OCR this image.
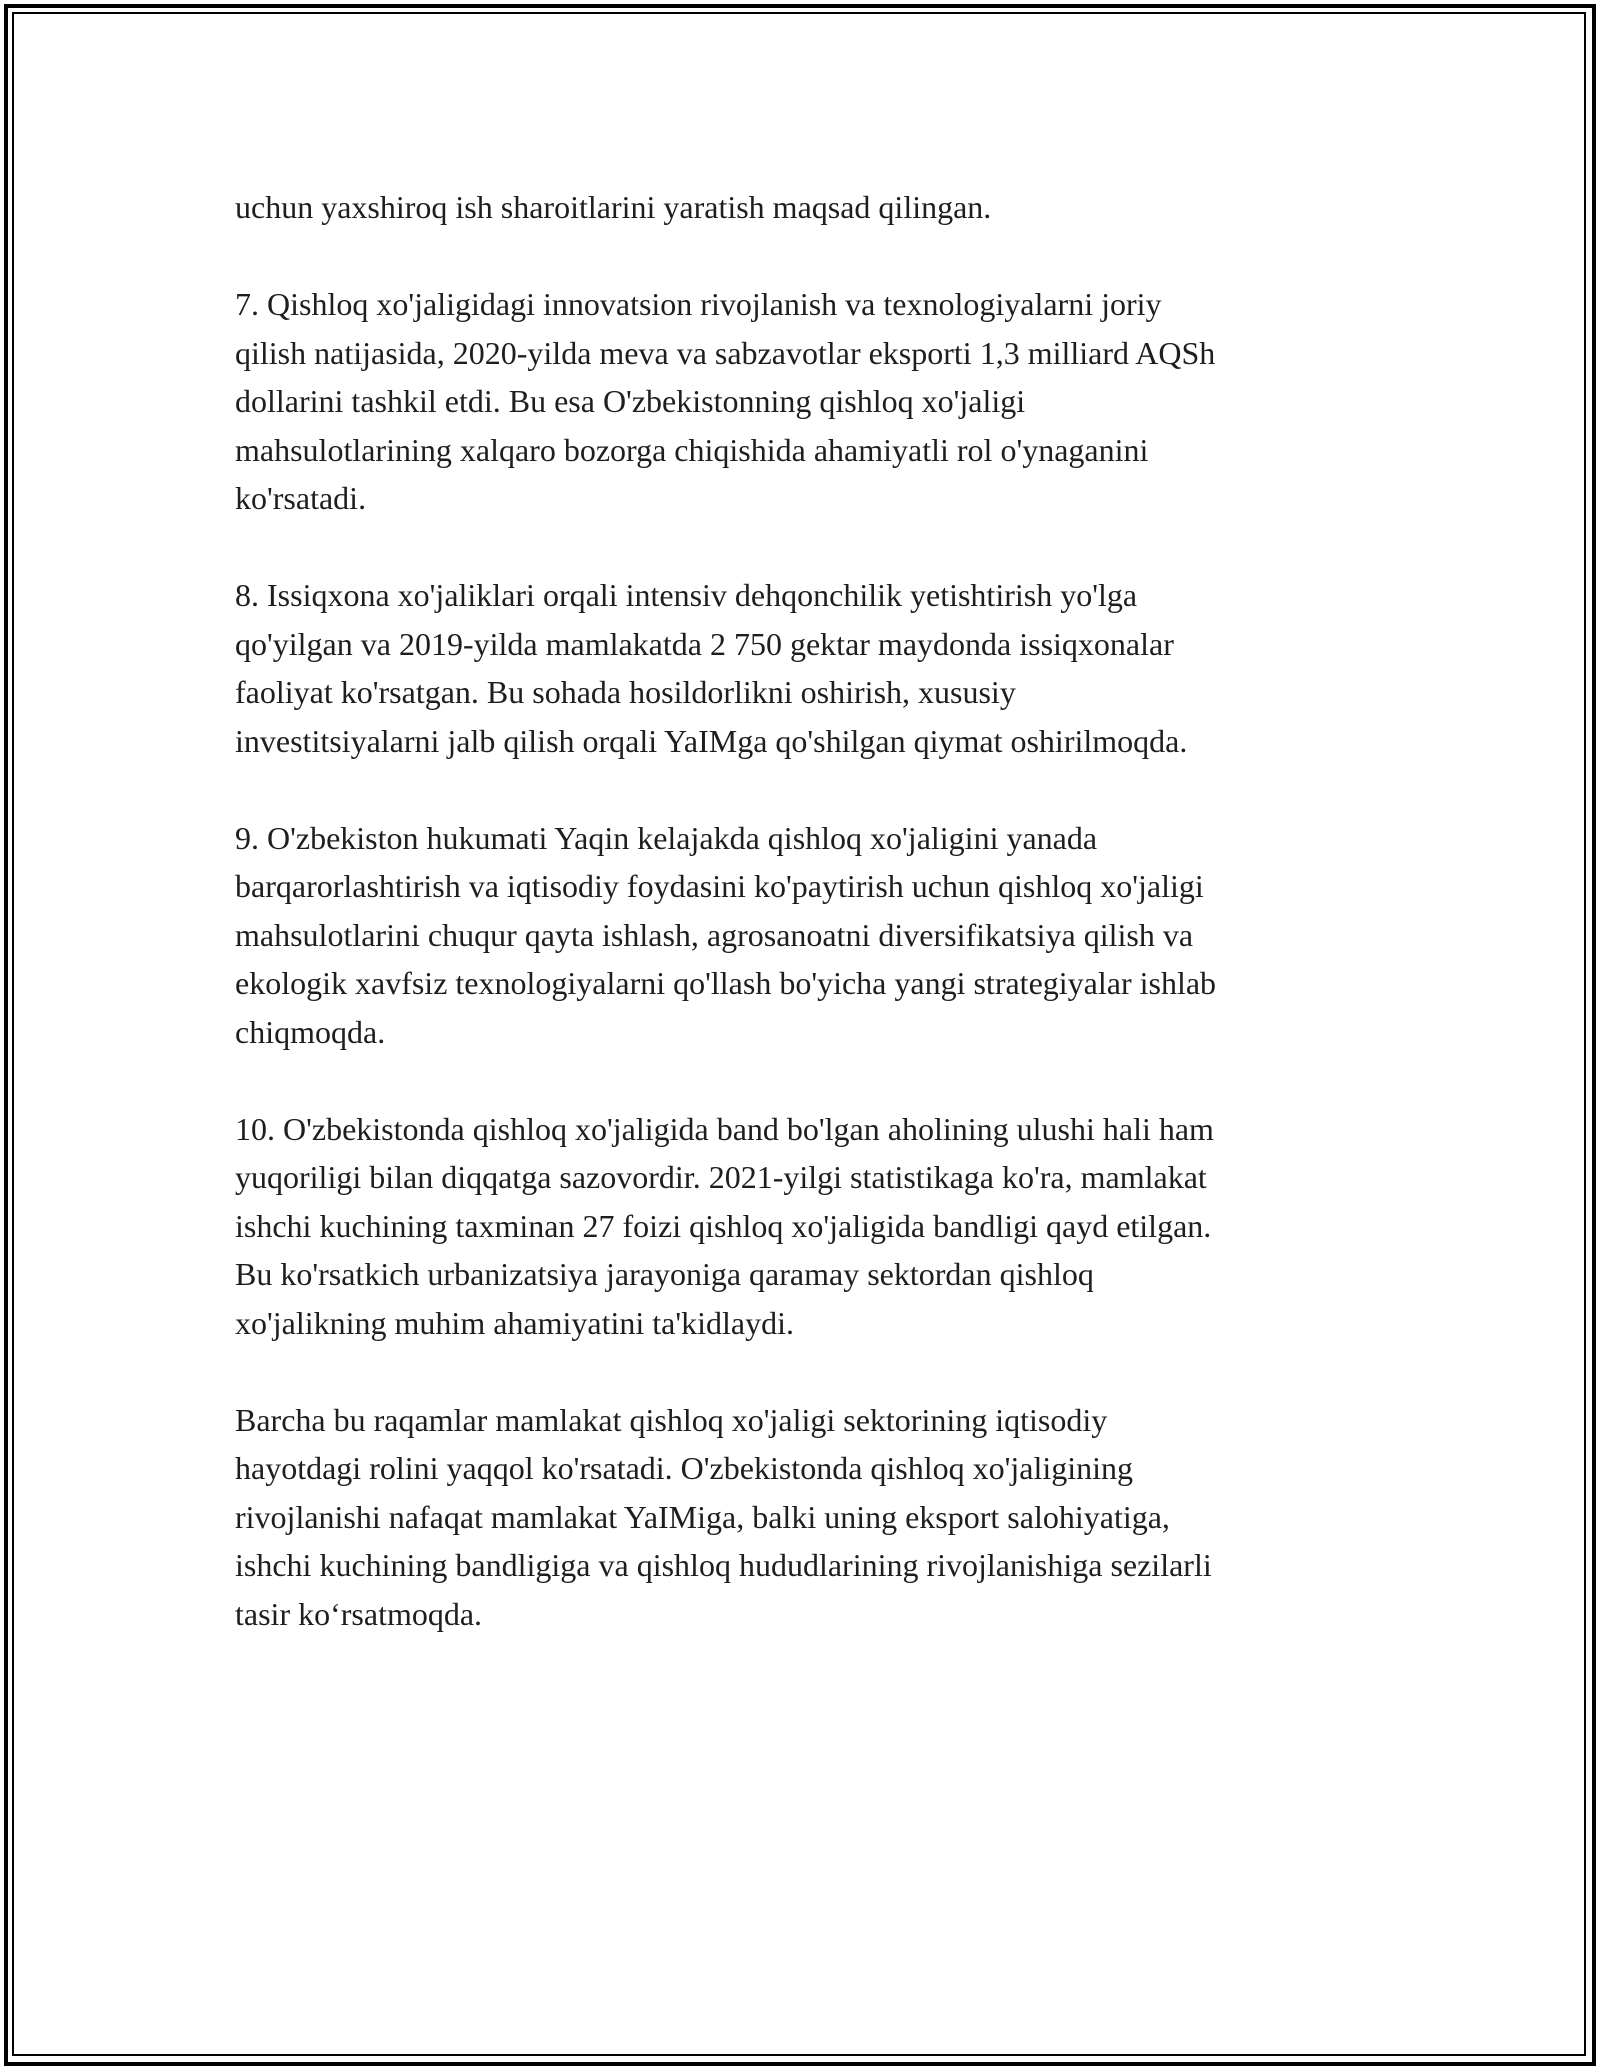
uchun yaxshiroq ish sharoitlarini yaratish maqsad qilingan.

7. Qishloq xo'jaligidagi innovatsion rivojlanish va texnologiyalarni joriy
qilish natijasida, 2020-yilda meva va sabzavotlar eksporti 1,3 milliard AQSh
dollarini tashkil etdi. Bu esa O'zbekistonning qishloq xo'jaligi
mahsulotlarining xalqaro bozorga chiqishida ahamiyatli rol o'ynaganini
ko'rsatadi.

8. Issiqxona xo'jaliklari orqali intensiv dehqonchilik yetishtirish yo'lga
qo'yilgan va 2019-yilda mamlakatda 2 750 gektar maydonda issiqxonalar
faoliyat ko'rsatgan. Bu sohada hosildorlikni oshirish, xususiy
investitsiyalarni jalb qilish orqali YaIMga qo'shilgan qiymat oshirilmoqda.

9. O'zbekiston hukumati Yaqin kelajakda qishloq xo'jaligini yanada
barqarorlashtirish va iqtisodiy foydasini ko'paytirish uchun qishloq xo'jaligi
mahsulotlarini chuqur qayta ishlash, agrosanoatni diversifikatsiya qilish va
ekologik xavfsiz texnologiyalarni qo'llash bo'yicha yangi strategiyalar ishlab
chiqmoqda.

10. O'zbekistonda qishloq xo'jaligida band bo'lgan aholining ulushi hali ham
yuqoriligi bilan diqqatga sazovordir. 2021-yilgi statistikaga ko'ra, mamlakat
ishchi kuchining taxminan 27 foizi qishloq xo'jaligida bandligi qayd etilgan.
Bu ko'rsatkich urbanizatsiya jarayoniga qaramay sektordan qishloq
xo'jalikning muhim ahamiyatini ta'kidlaydi.

Barcha bu raqamlar mamlakat qishloq xo'jaligi sektorining iqtisodiy
hayotdagi rolini yaqqol ko'rsatadi. O'zbekistonda qishloq xo'jaligining
rivojlanishi nafaqat mamlakat YaIMiga, balki uning eksport salohiyatiga,
ishchi kuchining bandligiga va qishloq hududlarining rivojlanishiga sezilarli
tasir ko‘rsatmoqda.
